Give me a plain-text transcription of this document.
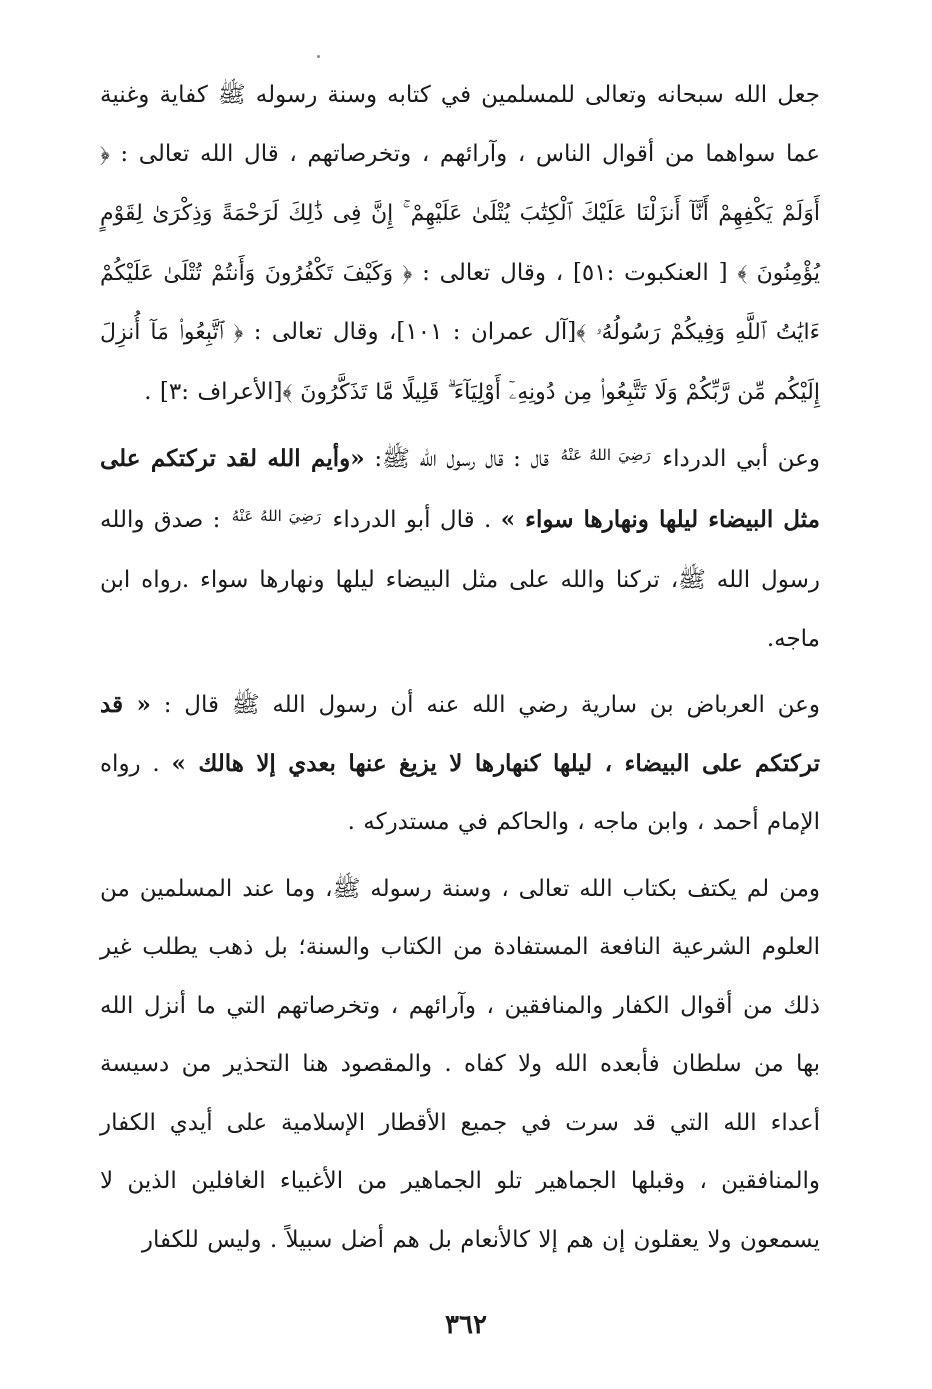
جعل الله سبحانه وتعالى للمسلمين في كتابه وسنة رسوله ﷺ كفاية وغنية عما سواهما من أقوال الناس ، وآرائهم ، وتخرصاتهم ، قال الله تعالى : ﴿ أَوَلَمْ يَكْفِهِمْ أَنَّآ أَنزَلْنَا عَلَيْكَ ٱلْكِتَٰبَ يُتْلَىٰ عَلَيْهِمْ ۚ إِنَّ فِى ذَٰلِكَ لَرَحْمَةً وَذِكْرَىٰ لِقَوْمٍ يُؤْمِنُونَ ﴾ [ العنكبوت :٥١] ، وقال تعالى : ﴿ وَكَيْفَ تَكْفُرُونَ وَأَنتُمْ تُتْلَىٰ عَلَيْكُمْ ءَايَٰتُ ٱللَّهِ وَفِيكُمْ رَسُولُهُۥ ﴾[آل عمران : ١٠١]، وقال تعالى : ﴿ ٱتَّبِعُوا۟ مَآ أُنزِلَ إِلَيْكُم مِّن رَّبِّكُمْ وَلَا تَتَّبِعُوا۟ مِن دُونِهِۦٓ أَوْلِيَآءَ ۗ قَلِيلًا مَّا تَذَكَّرُونَ ﴾[الأعراف :٣] .

وعن أبي الدرداء $^{رَضِيَ اللهُ عَنْهُ}$ قال : قال رسول الله ﷺ: «وأيم الله لقد تركتكم على مثل البيضاء ليلها ونهارها سواء » . قال أبو الدرداء $^{رَضِيَ اللهُ عَنْهُ}$ : صدق والله رسول الله ﷺ، تركنا والله على مثل البيضاء ليلها ونهارها سواء .رواه ابن ماجه.

وعن العرباض بن سارية رضي الله عنه أن رسول الله ﷺ قال : « قد تركتكم على البيضاء ، ليلها كنهارها لا يزيغ عنها بعدي إلا هالك » . رواه الإمام أحمد ، وابن ماجه ، والحاكم في مستدركه .

ومن لم يكتف بكتاب الله تعالى ، وسنة رسوله ﷺ، وما عند المسلمين من العلوم الشرعية النافعة المستفادة من الكتاب والسنة؛ بل ذهب يطلب غير ذلك من أقوال الكفار والمنافقين ، وآرائهم ، وتخرصاتهم التي ما أنزل الله بها من سلطان فأبعده الله ولا كفاه . والمقصود هنا التحذير من دسيسة أعداء الله التي قد سرت في جميع الأقطار الإسلامية على أيدي الكفار والمنافقين ، وقبلها الجماهير تلو الجماهير من الأغبياء الغافلين الذين لا يسمعون ولا يعقلون إن هم إلا كالأنعام بل هم أضل سبيلاً . وليس للكفار

٣٦٢
